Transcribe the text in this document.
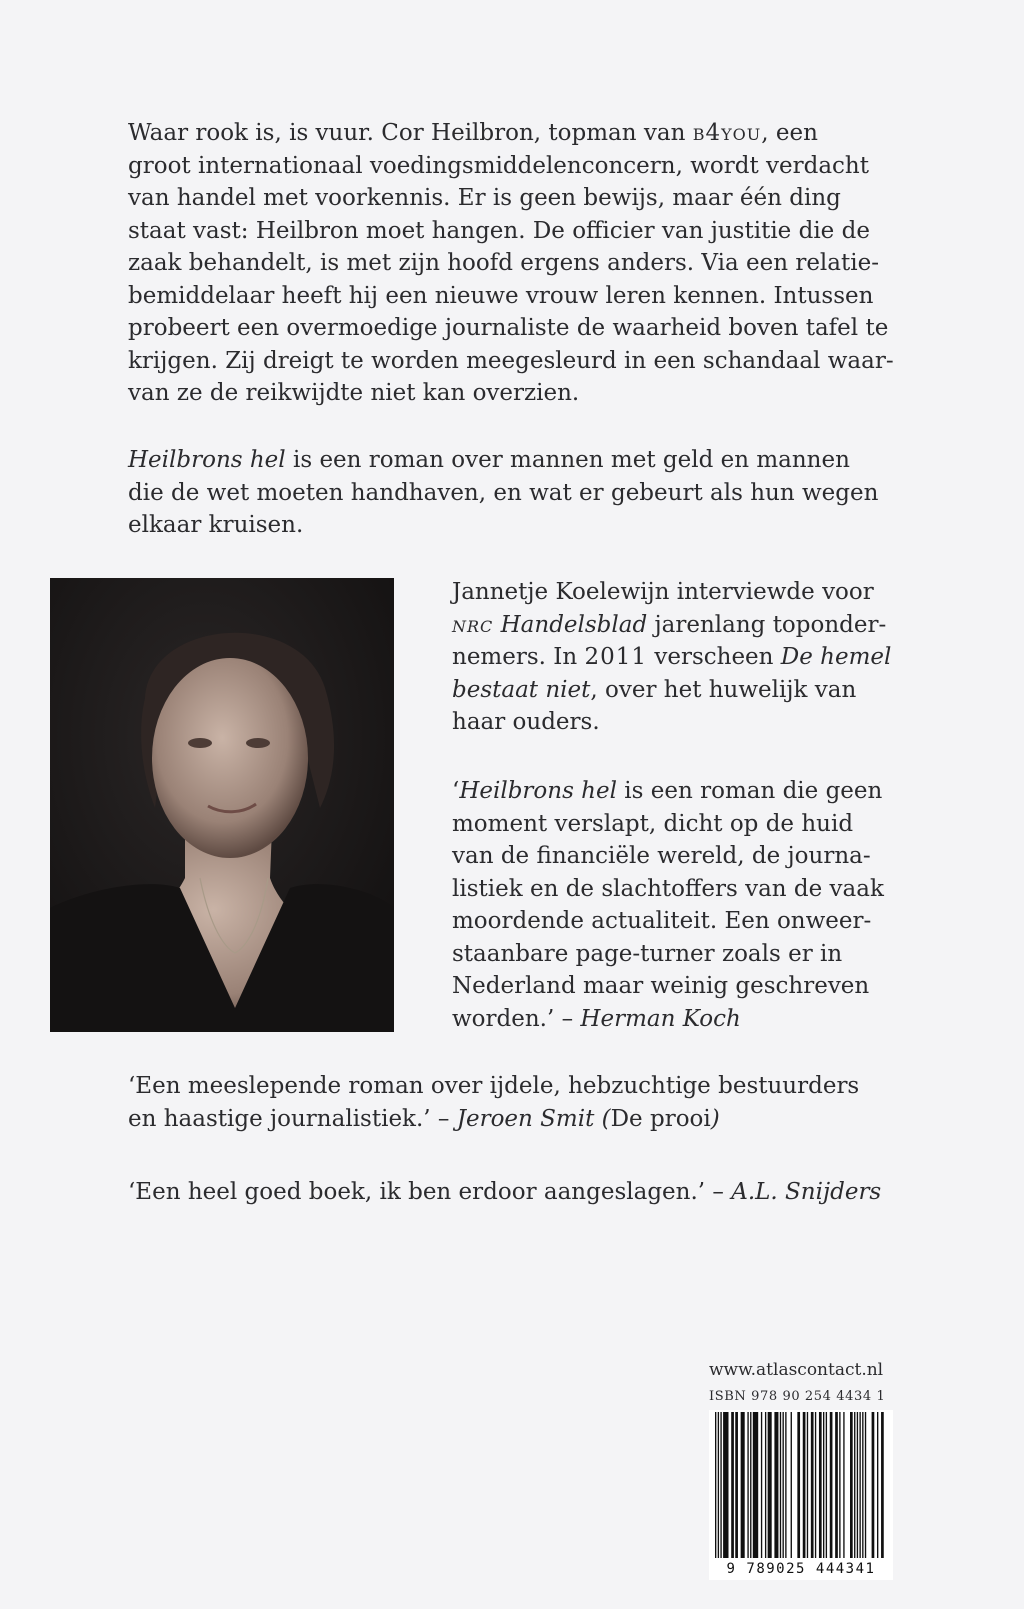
Waar rook is, is vuur. Cor Heilbron, topman van b4you, een
groot internationaal voedingsmiddelenconcern, wordt verdacht
van handel met voorkennis. Er is geen bewijs, maar één ding
staat vast: Heilbron moet hangen. De officier van justitie die de
zaak behandelt, is met zijn hoofd ergens anders. Via een relatie-
bemiddelaar heeft hij een nieuwe vrouw leren kennen. Intussen
probeert een overmoedige journaliste de waarheid boven tafel te
krijgen. Zij dreigt te worden meegesleurd in een schandaal waar-
van ze de reikwijdte niet kan overzien.

Heilbrons hel is een roman over mannen met geld en mannen
die de wet moeten handhaven, en wat er gebeurt als hun wegen
elkaar kruisen.

Jannetje Koelewijn interviewde voor
nrc Handelsblad jarenlang toponder-
nemers. In 2011 verscheen De hemel
bestaat niet, over het huwelijk van
haar ouders.

‘Heilbrons hel is een roman die geen
moment verslapt, dicht op de huid
van de financiële wereld, de journa-
listiek en de slachtoffers van de vaak
moordende actualiteit. Een onweer-
staanbare page-turner zoals er in
Nederland maar weinig geschreven
worden.’ – Herman Koch

‘Een meeslepende roman over ijdele, hebzuchtige bestuurders
en haastige journalistiek.’ – Jeroen Smit (De prooi)

‘Een heel goed boek, ik ben erdoor aangeslagen.’ – A.L. Snijders

www.atlascontact.nl
ISBN 978 90 254 4434 1
9 789025 444341
